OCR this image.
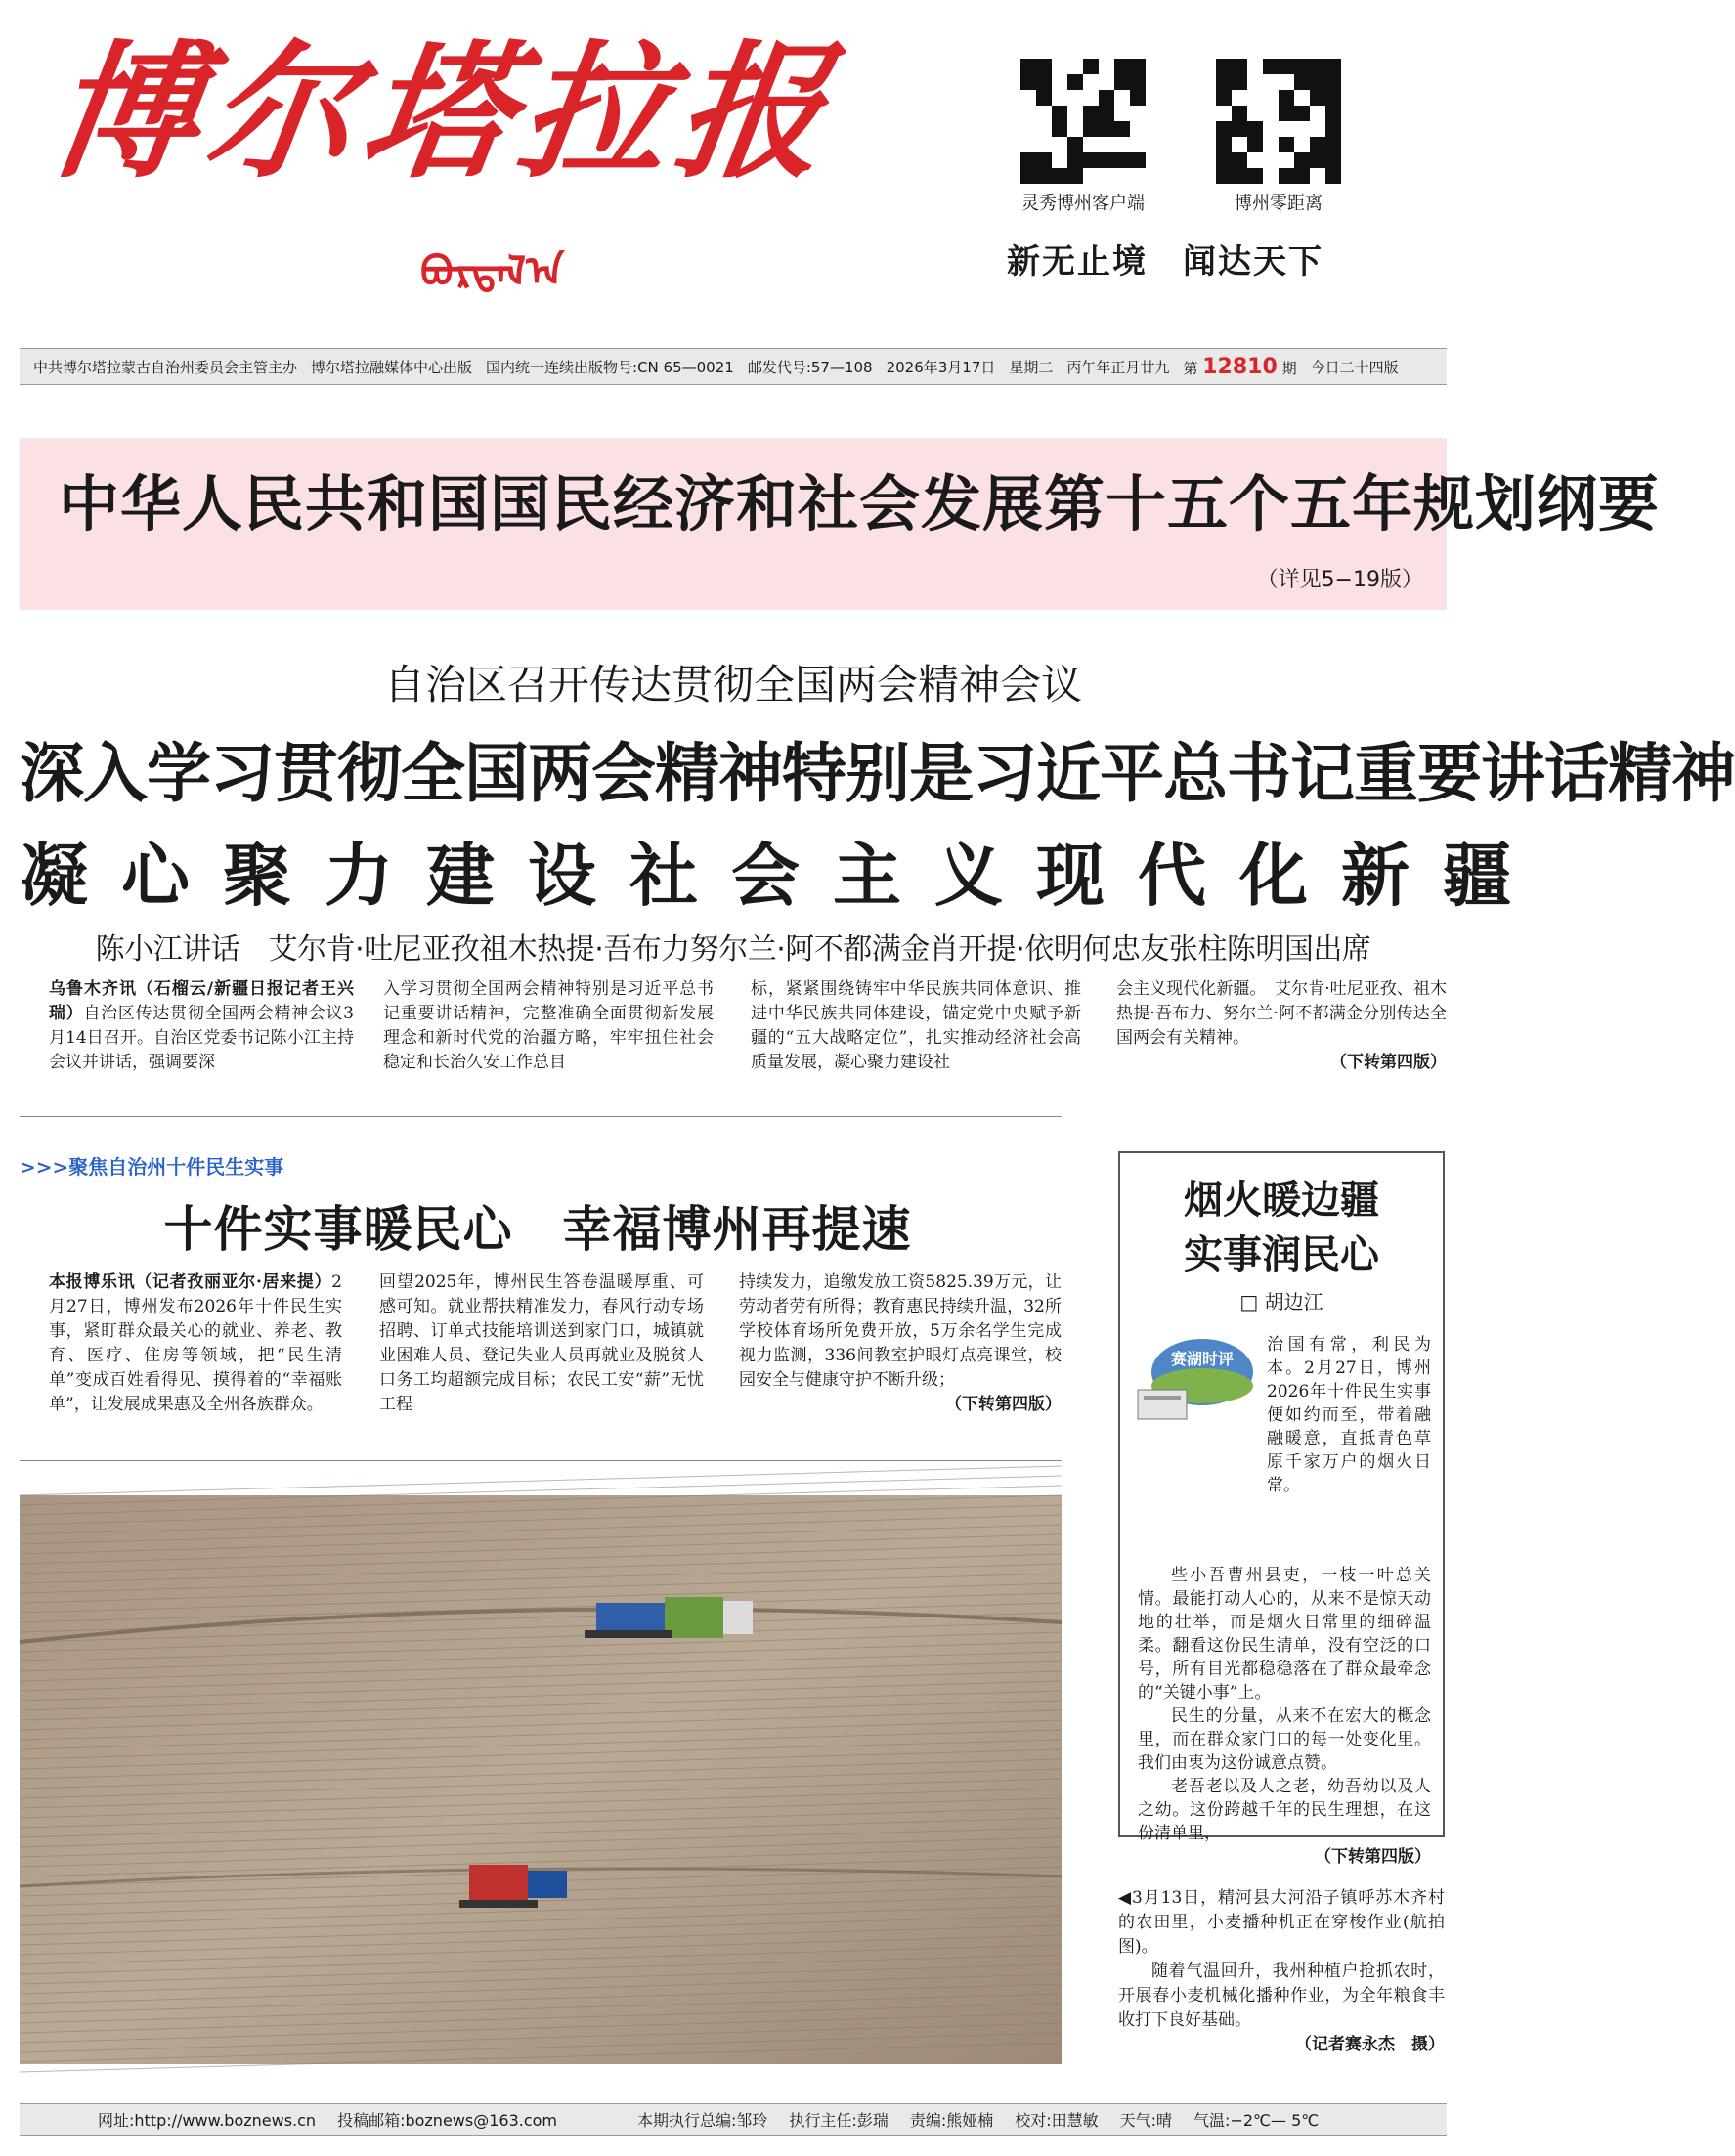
博尔塔拉报
ᠪᠣᠷᠲᠠᠯ᠎ᠠ
灵秀博州客户端	博州零距离
新无止境　闻达天下
中共博尔塔拉蒙古自治州委员会主管主办 博尔塔拉融媒体中心出版 国内统一连续出版物号:CN 65—0021 邮发代号:57—108 2026年3月17日 星期二 丙午年正月廿九 第 12810 期 今日二十四版
中华人民共和国国民经济和社会发展第十五个五年规划纲要
（详见5−19版）
自治区召开传达贯彻全国两会精神会议
深入学习贯彻全国两会精神特别是习近平总书记重要讲话精神
凝心聚力建设社会主义现代化新疆
陈小江讲话　艾尔肯·吐尼亚孜祖木热提·吾布力努尔兰·阿不都满金肖开提·依明何忠友张柱陈明国出席
乌鲁木齐讯（石榴云/新疆日报记者王兴瑞）自治区传达贯彻全国两会精神会议3月14日召开。自治区党委书记陈小江主持会议并讲话，强调要深
入学习贯彻全国两会精神特别是习近平总书记重要讲话精神，完整准确全面贯彻新发展理念和新时代党的治疆方略，牢牢扭住社会稳定和长治久安工作总目
标，紧紧围绕铸牢中华民族共同体意识、推进中华民族共同体建设，锚定党中央赋予新疆的“五大战略定位”，扎实推动经济社会高质量发展，凝心聚力建设社
会主义现代化新疆。　艾尔肯·吐尼亚孜、祖木热提·吾布力、努尔兰·阿不都满金分别传达全国两会有关精神。
（下转第四版）
>>>聚焦自治州十件民生实事
十件实事暖民心　幸福博州再提速
本报博乐讯（记者孜丽亚尔·居来提）2月27日，博州发布2026年十件民生实事，紧盯群众最关心的就业、养老、教育、医疗、住房等领域，把“民生清单”变成百姓看得见、摸得着的“幸福账单”，让发展成果惠及全州各族群众。
回望2025年，博州民生答卷温暖厚重、可感可知。就业帮扶精准发力，春风行动专场招聘、订单式技能培训送到家门口，城镇就业困难人员、登记失业人员再就业及脱贫人口务工均超额完成目标；农民工安“薪”无忧工程
持续发力，追缴发放工资5825.39万元，让劳动者劳有所得；教育惠民持续升温，32所学校体育场所免费开放，5万余名学生完成视力监测，336间教室护眼灯点亮课堂，校园安全与健康守护不断升级；
（下转第四版）
烟火暖边疆
实事润民心
□ 胡边江
赛湖时评
治国有常，利民为本。2月27日，博州2026年十件民生实事便如约而至，带着融融暖意，直抵青色草原千家万户的烟火日常。
些小吾曹州县吏，一枝一叶总关情。最能打动人心的，从来不是惊天动地的壮举，而是烟火日常里的细碎温柔。翻看这份民生清单，没有空泛的口号，所有目光都稳稳落在了群众最牵念的“关键小事”上。
民生的分量，从来不在宏大的概念里，而在群众家门口的每一处变化里。我们由衷为这份诚意点赞。
老吾老以及人之老，幼吾幼以及人之幼。这份跨越千年的民生理想，在这份清单里，
（下转第四版）
◀3月13日，精河县大河沿子镇呼苏木齐村的农田里，小麦播种机正在穿梭作业(航拍图)。
随着气温回升，我州种植户抢抓农时，开展春小麦机械化播种作业，为全年粮食丰收打下良好基础。
（记者赛永杰　摄）
网址:http://www.boznews.cn 投稿邮箱:boznews@163.com	本期执行总编:邹玲 执行主任:彭瑞 责编:熊娅楠 校对:田慧敏 天气:晴 气温:−2℃— 5℃
